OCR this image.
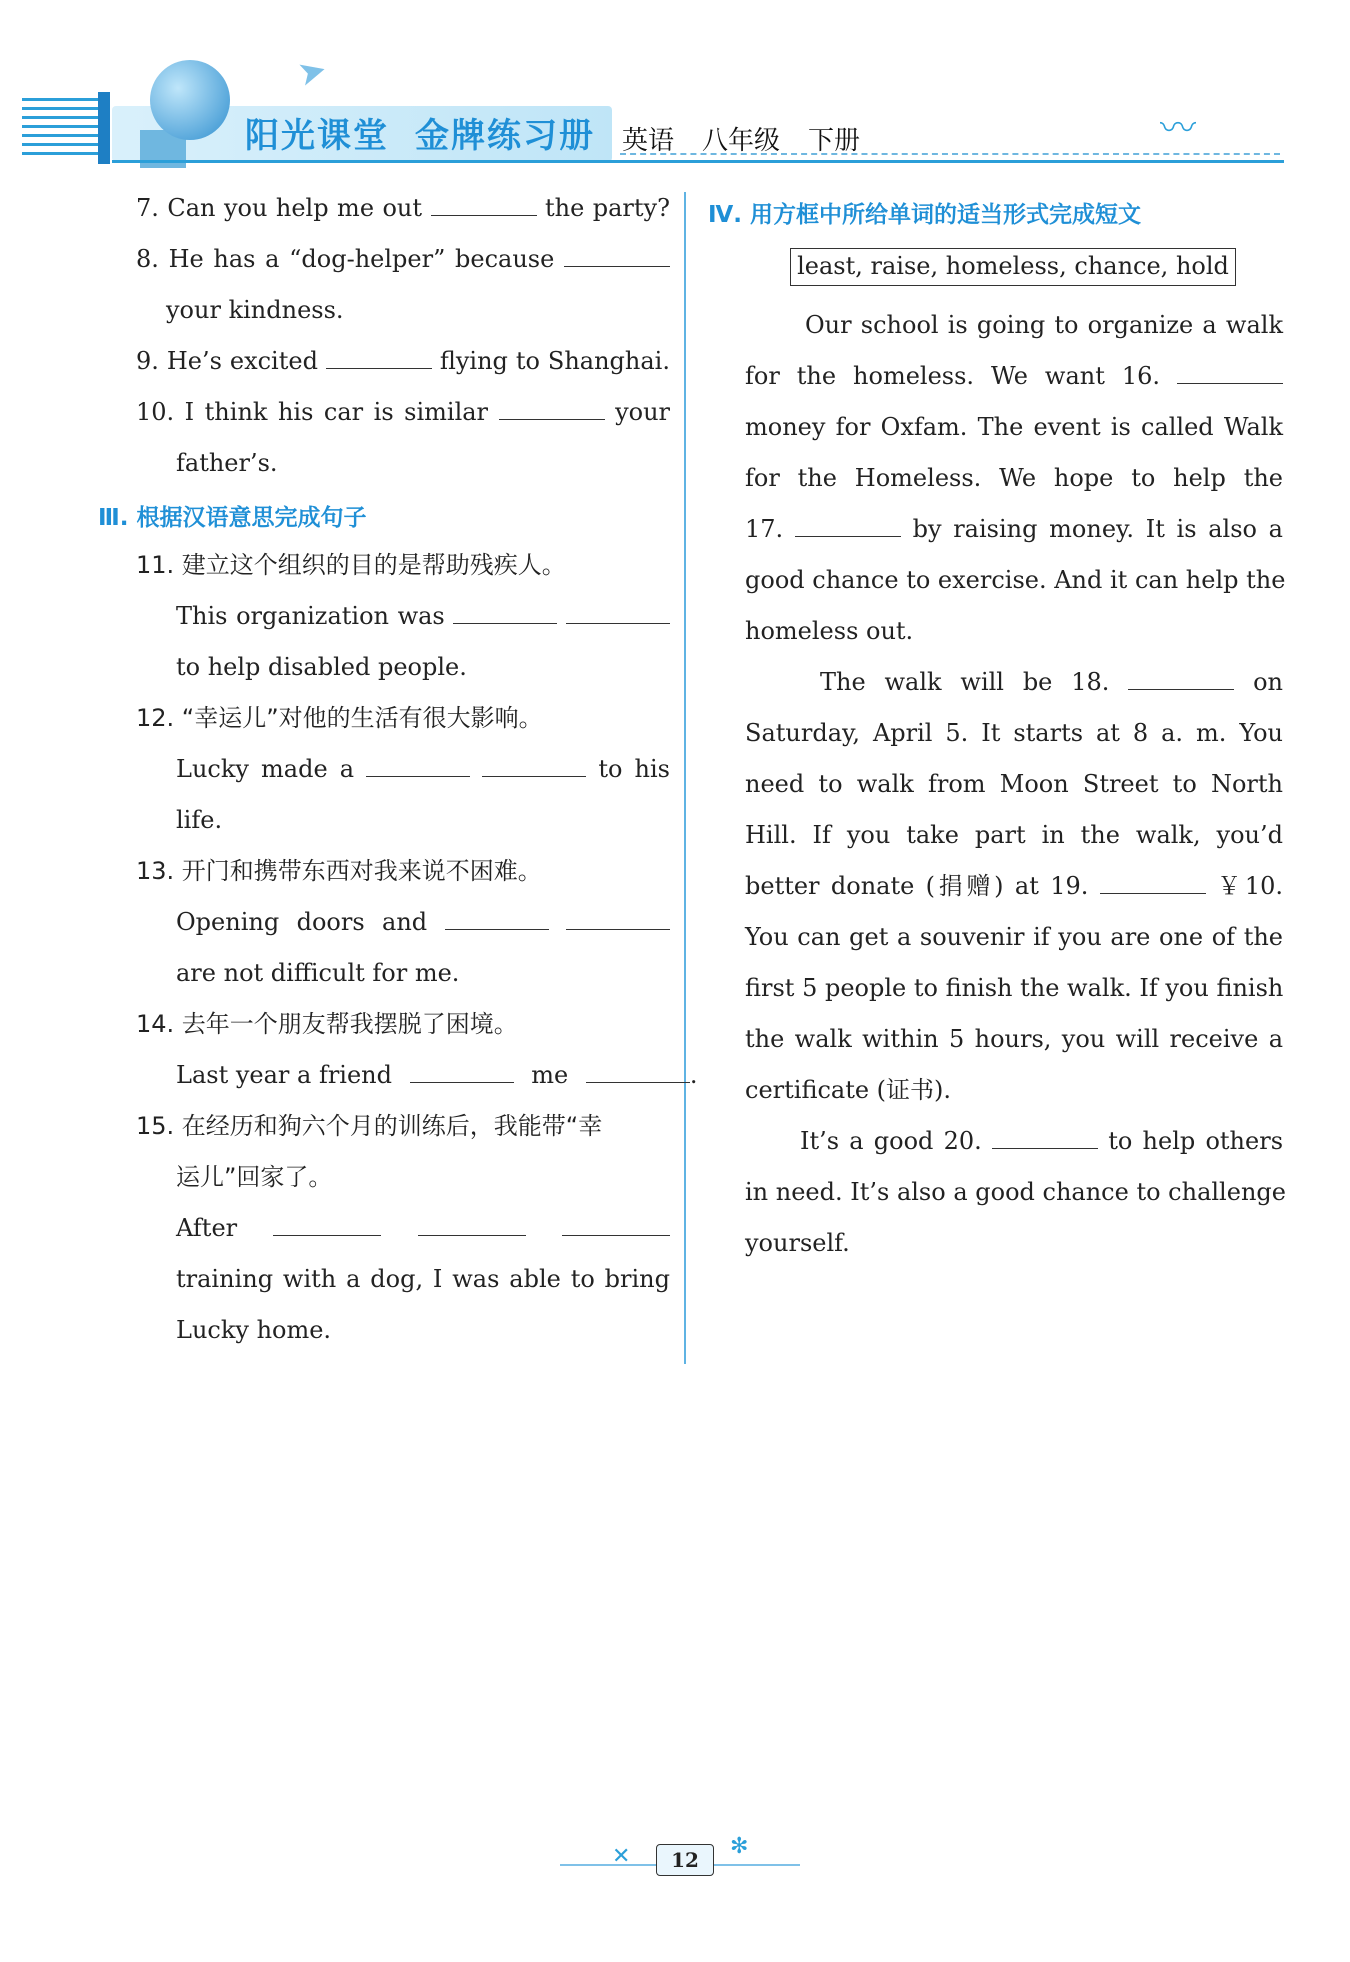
➤
阳光课堂 金牌练习册	英语 八年级 下册	〰
7. Can you help me out	the party?
8. He has a “dog-helper” because
your kindness.
9. He’s excited	flying to Shanghai.
10. I think his car is similar	your
father’s.
Ⅲ. 根据汉语意思完成句子
11. 建立这个组织的目的是帮助残疾人。
This organization was
to help disabled people.
12. “幸运儿”对他的生活有很大影响。
Lucky made a	to his
life.
13. 开门和携带东西对我来说不困难。
Opening doors and
are not difficult for me.
14. 去年一个朋友帮我摆脱了困境。
Last year a friend	me	.
15. 在经历和狗六个月的训练后，我能带“幸
运儿”回家了。
After
training with a dog, I was able to bring
Lucky home.
Ⅳ. 用方框中所给单词的适当形式完成短文
least, raise, homeless, chance, hold
Our school is going to organize a walk
for the homeless. We want 16.
money for Oxfam. The event is called Walk
for the Homeless. We hope to help the
17.	by raising money. It is also a
good chance to exercise. And it can help the
homeless out.
The walk will be 18.	on
Saturday, April 5. It starts at 8 a. m. You
need to walk from Moon Street to North
Hill. If you take part in the walk, you’d
better donate (捐赠) at 19.	￥10.
You can get a souvenir if you are one of the
first 5 people to finish the walk. If you finish
the walk within 5 hours, you will receive a
certificate (证书).
It’s a good 20.	to help others
in need. It’s also a good chance to challenge
yourself.
✕	✻
12
